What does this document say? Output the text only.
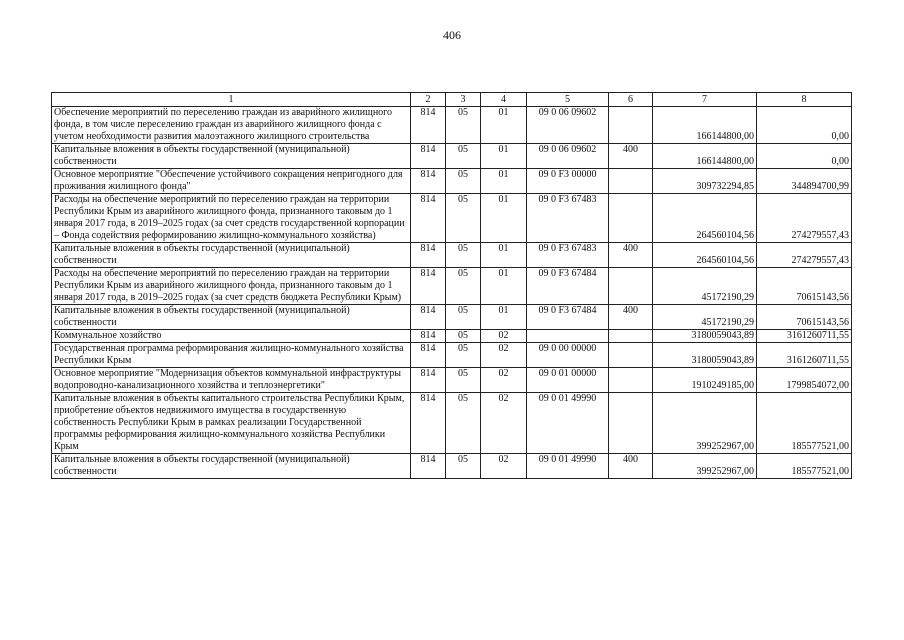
406
1	2	3	4	5	6	7	8
Обеспечение мероприятий по переселению граждан из аварийного жилищного фонда, в том числе переселению граждан из аварийного жилищного фонда с учетом необходимости развития малоэтажного жилищного строительства	814	05	01	09 0 06 09602		166144800,00	0,00
Капитальные вложения в объекты государственной (муниципальной) собственности	814	05	01	09 0 06 09602	400	166144800,00	0,00
Основное мероприятие "Обеспечение устойчивого сокращения непригодного для проживания жилищного фонда"	814	05	01	09 0 F3 00000		309732294,85	344894700,99
Расходы на обеспечение мероприятий по переселению граждан на территории Республики Крым из аварийного жилищного фонда, признанного таковым до 1 января 2017 года, в 2019–2025 годах (за счет средств государственной корпорации – Фонда содействия реформированию жилищно-коммунального хозяйства)	814	05	01	09 0 F3 67483		264560104,56	274279557,43
Капитальные вложения в объекты государственной (муниципальной) собственности	814	05	01	09 0 F3 67483	400	264560104,56	274279557,43
Расходы на обеспечение мероприятий по переселению граждан на территории Республики Крым из аварийного жилищного фонда, признанного таковым до 1 января 2017 года, в 2019–2025 годах (за счет средств бюджета Республики Крым)	814	05	01	09 0 F3 67484		45172190,29	70615143,56
Капитальные вложения в объекты государственной (муниципальной) собственности	814	05	01	09 0 F3 67484	400	45172190,29	70615143,56
Коммунальное хозяйство	814	05	02			3180059043,89	3161260711,55
Государственная программа реформирования жилищно-коммунального хозяйства Республики Крым	814	05	02	09 0 00 00000		3180059043,89	3161260711,55
Основное мероприятие "Модернизация объектов коммунальной инфраструктуры водопроводно-канализационного хозяйства и теплоэнергетики"	814	05	02	09 0 01 00000		1910249185,00	1799854072,00
Капитальные вложения в объекты капитального строительства Республики Крым, приобретение объектов недвижимого имущества в государственную собственность Республики Крым в рамках реализации Государственной программы реформирования жилищно-коммунального хозяйства Республики Крым	814	05	02	09 0 01 49990		399252967,00	185577521,00
Капитальные вложения в объекты государственной (муниципальной) собственности	814	05	02	09 0 01 49990	400	399252967,00	185577521,00
